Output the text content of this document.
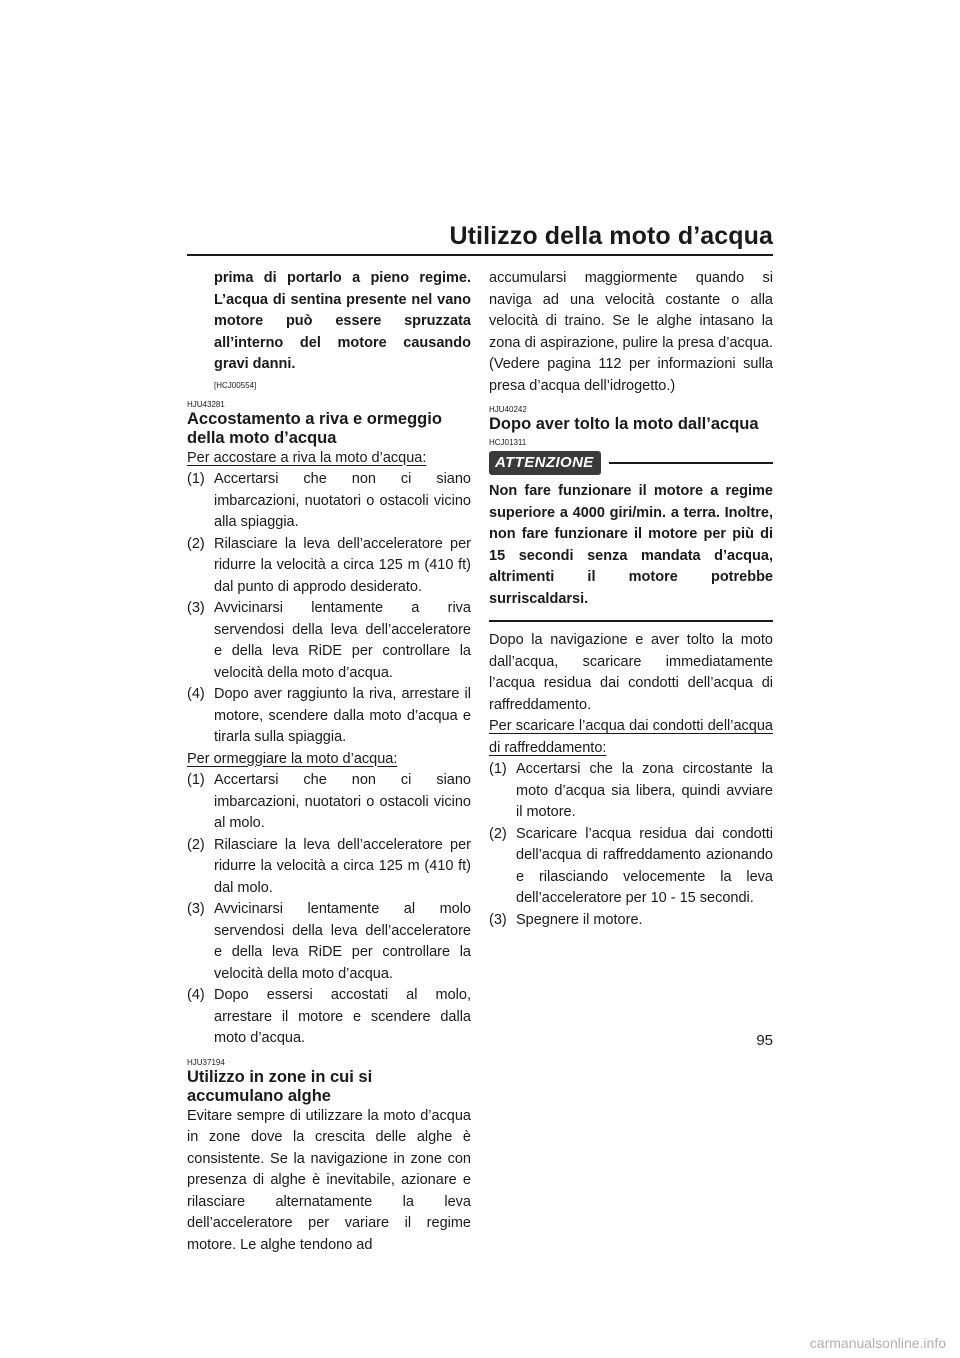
Utilizzo della moto d’acqua

prima di portarlo a pieno regime. L’acqua di sentina presente nel vano motore può essere spruzzata all’interno del motore causando gravi danni.

[HCJ00554]
HJU43281
Accostamento a riva e ormeggio della moto d’acqua

Per accostare a riva la moto d’acqua:

(1) Accertarsi che non ci siano imbarcazioni, nuotatori o ostacoli vicino alla spiaggia.
(2) Rilasciare la leva dell’acceleratore per ridurre la velocità a circa 125 m (410 ft) dal punto di approdo desiderato.
(3) Avvicinarsi lentamente a riva servendosi della leva dell’acceleratore e della leva RiDE per controllare la velocità della moto d’acqua.
(4) Dopo aver raggiunto la riva, arrestare il motore, scendere dalla moto d’acqua e tirarla sulla spiaggia.

Per ormeggiare la moto d’acqua:

(1) Accertarsi che non ci siano imbarcazioni, nuotatori o ostacoli vicino al molo.
(2) Rilasciare la leva dell’acceleratore per ridurre la velocità a circa 125 m (410 ft) dal molo.
(3) Avvicinarsi lentamente al molo servendosi della leva dell’acceleratore e della leva RiDE per controllare la velocità della moto d’acqua.
(4) Dopo essersi accostati al molo, arrestare il motore e scendere dalla moto d’acqua.
HJU37194
Utilizzo in zone in cui si accumulano alghe

Evitare sempre di utilizzare la moto d’acqua in zone dove la crescita delle alghe è consistente. Se la navigazione in zone con presenza di alghe è inevitabile, azionare e rilasciare alternatamente la leva dell’acceleratore per variare il regime motore. Le alghe tendono ad

accumularsi maggiormente quando si naviga ad una velocità costante o alla velocità di traino. Se le alghe intasano la zona di aspirazione, pulire la presa d’acqua. (Vedere pagina 112 per informazioni sulla presa d’acqua dell’idrogetto.)

HJU40242
Dopo aver tolto la moto dall’acqua
HCJ01311
ATTENZIONE

Non fare funzionare il motore a regime superiore a 4000 giri/min. a terra. Inoltre, non fare funzionare il motore per più di 15 secondi senza mandata d’acqua, altrimenti il motore potrebbe surriscaldarsi.

Dopo la navigazione e aver tolto la moto dall’acqua, scaricare immediatamente l’acqua residua dai condotti dell’acqua di raffreddamento.

Per scaricare l’acqua dai condotti dell’acqua di raffreddamento:

(1) Accertarsi che la zona circostante la moto d’acqua sia libera, quindi avviare il motore.
(2) Scaricare l’acqua residua dai condotti dell’acqua di raffreddamento azionando e rilasciando velocemente la leva dell’acceleratore per 10 - 15 secondi.
(3) Spegnere il motore.
95
carmanualsonline.info
